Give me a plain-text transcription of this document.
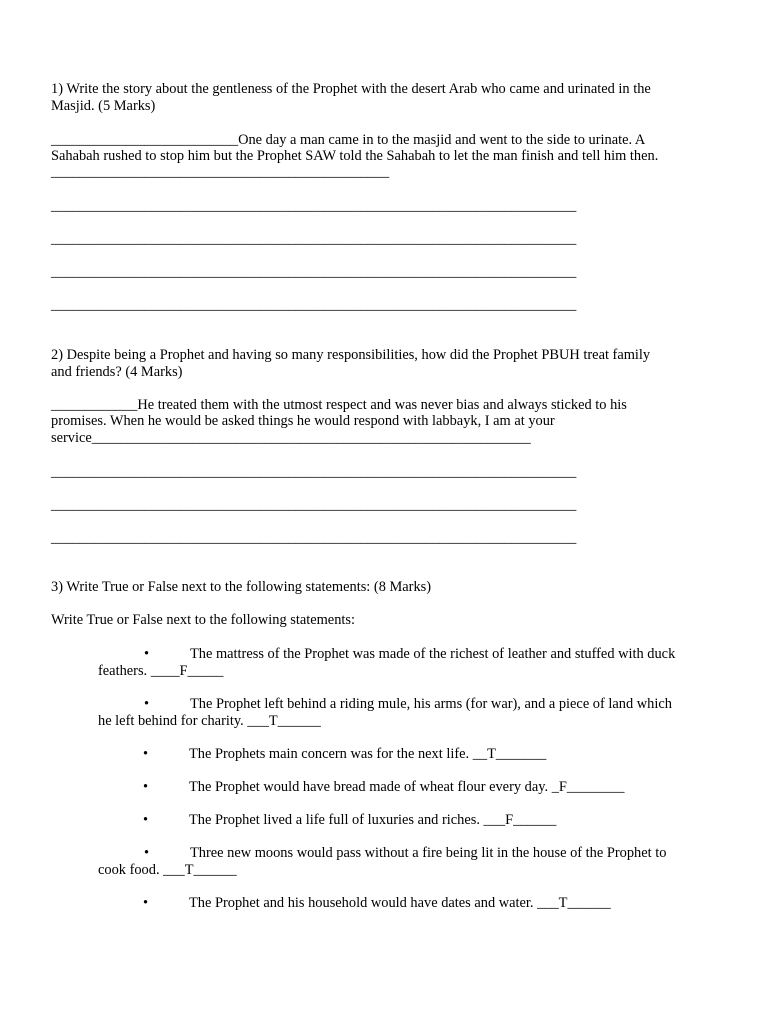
1) Write the story about the gentleness of the Prophet with the desert Arab who came and urinated in the

Masjid. (5 Marks)

__________________________One day a man came in to the masjid and went to the side to urinate. A

Sahabah rushed to stop him but the Prophet SAW told the Sahabah to let the man finish and tell him then.

_______________________________________________

_________________________________________________________________________

_________________________________________________________________________

_________________________________________________________________________

_________________________________________________________________________

2) Despite being a Prophet and having so many responsibilities, how did the Prophet PBUH treat family

and friends? (4 Marks)

____________He treated them with the utmost respect and was never bias and always sticked to his

promises. When he would be asked things he would respond with labbayk, I am at your

service_____________________________________________________________

_________________________________________________________________________

_________________________________________________________________________

_________________________________________________________________________

3) Write True or False next to the following statements: (8 Marks)

Write True or False next to the following statements:

•	The mattress of the Prophet was made of the richest of leather and stuffed with duck
feathers. ____F_____
•	The Prophet left behind a riding mule, his arms (for war), and a piece of land which
he left behind for charity. ___T______
•	The Prophets main concern was for the next life. __T_______
•	The Prophet would have bread made of wheat flour every day. _F________
•	The Prophet lived a life full of luxuries and riches. ___F______
•	Three new moons would pass without a fire being lit in the house of the Prophet to
cook food. ___T______
•	The Prophet and his household would have dates and water. ___T______
